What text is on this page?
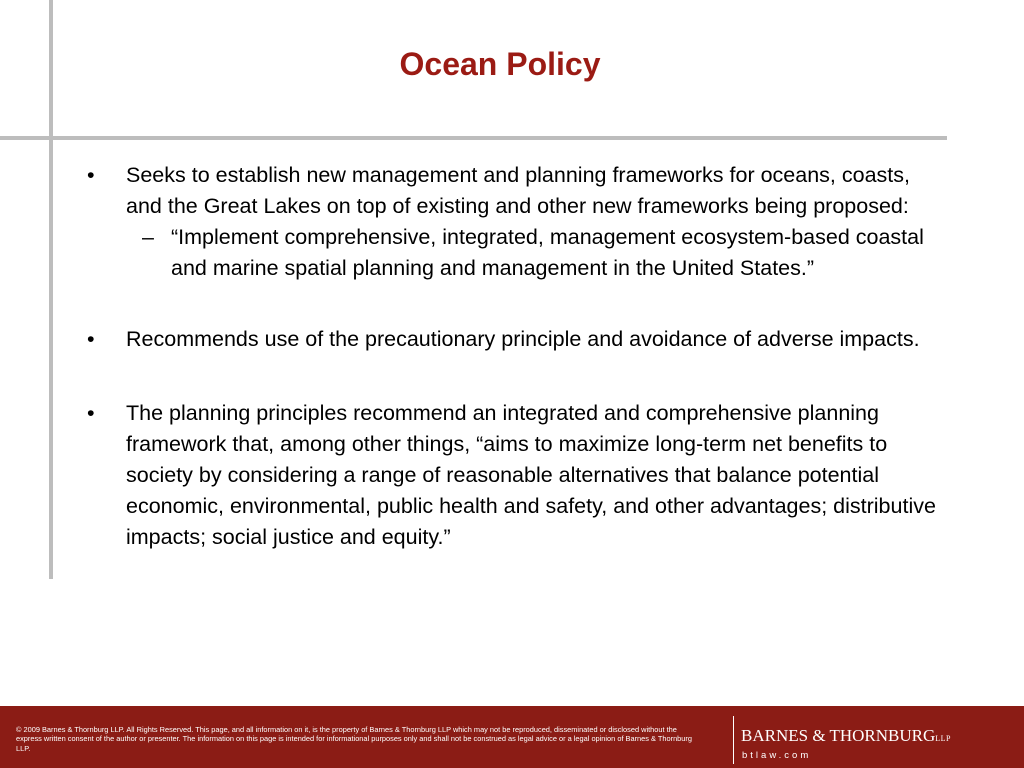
Ocean Policy
• Seeks to establish new management and planning frameworks for oceans, coasts, and the Great Lakes on top of existing and other new frameworks being proposed:
– “Implement comprehensive, integrated, management ecosystem-based coastal and marine spatial planning and management in the United States.”
• Recommends use of the precautionary principle and avoidance of adverse impacts.
• The planning principles recommend an integrated and comprehensive planning framework that, among other things, “aims to maximize long-term net benefits to society by considering a range of reasonable alternatives that balance potential economic, environmental, public health and safety, and other advantages; distributive impacts; social justice and equity.”
© 2009 Barnes & Thornburg LLP. All Rights Reserved. This page, and all information on it, is the property of Barnes & Thornburg LLP which may not be reproduced, disseminated or disclosed without the express written consent of the author or presenter. The information on this page is intended for informational purposes only and shall not be construed as legal advice or a legal opinion of Barnes & Thornburg LLP.
BARNES & THORNBURGLLP
btlaw.com
